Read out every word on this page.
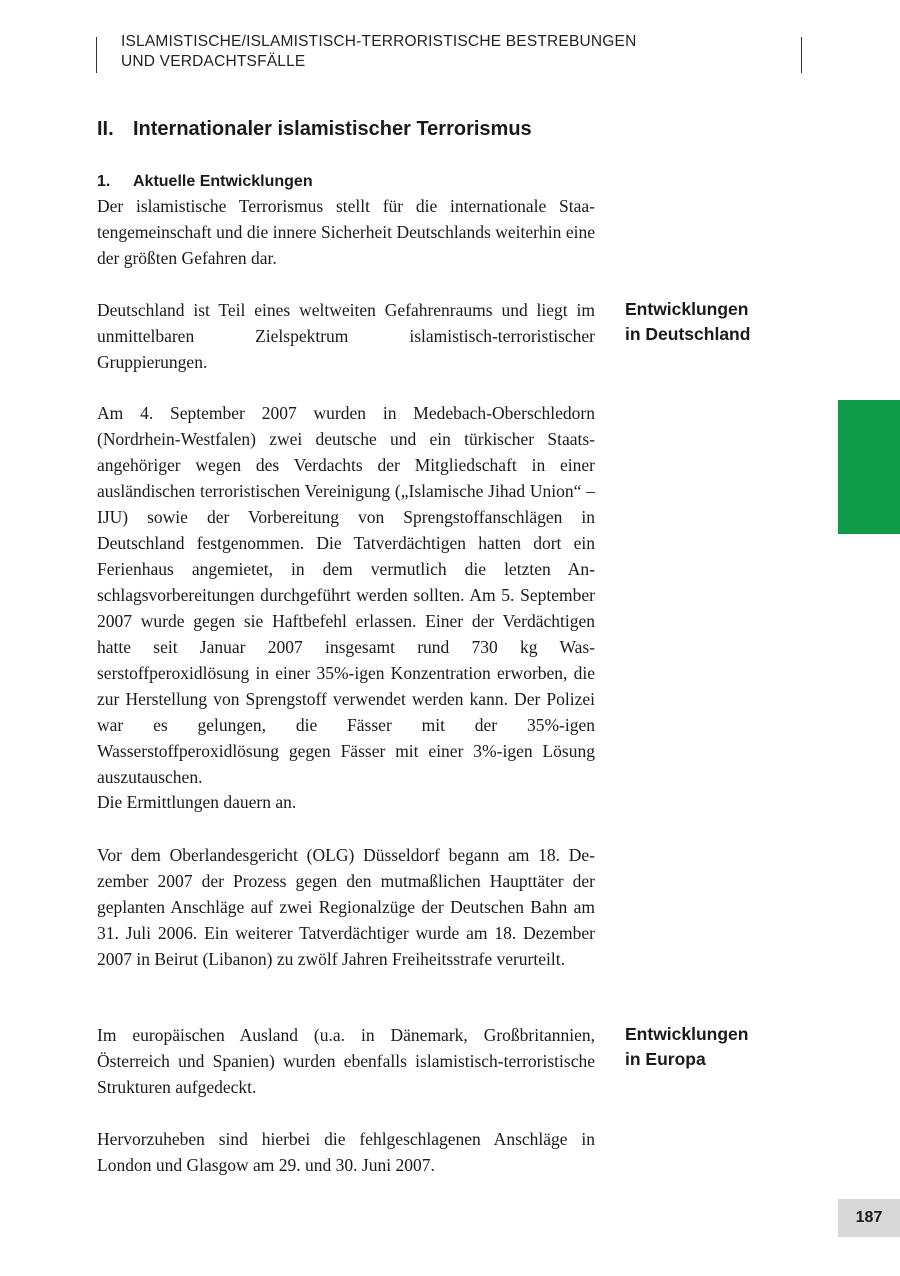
ISLAMISTISCHE/ISLAMISTISCH-TERRORISTISCHE BESTREBUNGEN
UND VERDACHTSFÄLLE
II. Internationaler islamistischer Terrorismus
1. Aktuelle Entwicklungen

Der islamistische Terrorismus stellt für die internationale Staatengemeinschaft und die innere Sicherheit Deutschlands weiterhin eine der größten Gefahren dar.

Deutschland ist Teil eines weltweiten Gefahrenraums und liegt im unmittelbaren Zielspektrum islamistisch-terroristischer Gruppierungen.

Am 4. September 2007 wurden in Medebach-Oberschledorn (Nordrhein-Westfalen) zwei deutsche und ein türkischer Staatsangehöriger wegen des Verdachts der Mitgliedschaft in einer ausländischen terroristischen Vereinigung („Islamische Jihad Union“ – IJU) sowie der Vorbereitung von Sprengstoffanschlägen in Deutschland festgenommen. Die Tatverdächtigen hatten dort ein Ferienhaus angemietet, in dem vermutlich die letzten Anschlagsvorbereitungen durchgeführt werden sollten. Am 5. September 2007 wurde gegen sie Haftbefehl erlassen. Einer der Verdächtigen hatte seit Januar 2007 insgesamt rund 730 kg Wasserstoffperoxidlösung in einer 35%-igen Konzentration erworben, die zur Herstellung von Sprengstoff verwendet werden kann. Der Polizei war es gelungen, die Fässer mit der 35%-igen Wasserstoffperoxidlösung gegen Fässer mit einer 3%-igen Lösung auszutauschen.

Die Ermittlungen dauern an.

Vor dem Oberlandesgericht (OLG) Düsseldorf begann am 18. Dezember 2007 der Prozess gegen den mutmaßlichen Haupttäter der geplanten Anschläge auf zwei Regionalzüge der Deutschen Bahn am 31. Juli 2006. Ein weiterer Tatverdächtiger wurde am 18. Dezember 2007 in Beirut (Libanon) zu zwölf Jahren Freiheitsstrafe verurteilt.

Im europäischen Ausland (u.a. in Dänemark, Großbritannien, Österreich und Spanien) wurden ebenfalls islamistisch-terroristische Strukturen aufgedeckt.

Hervorzuheben sind hierbei die fehlgeschlagenen Anschläge in London und Glasgow am 29. und 30. Juni 2007.

Entwicklungen
in Deutschland
Entwicklungen
in Europa
187
